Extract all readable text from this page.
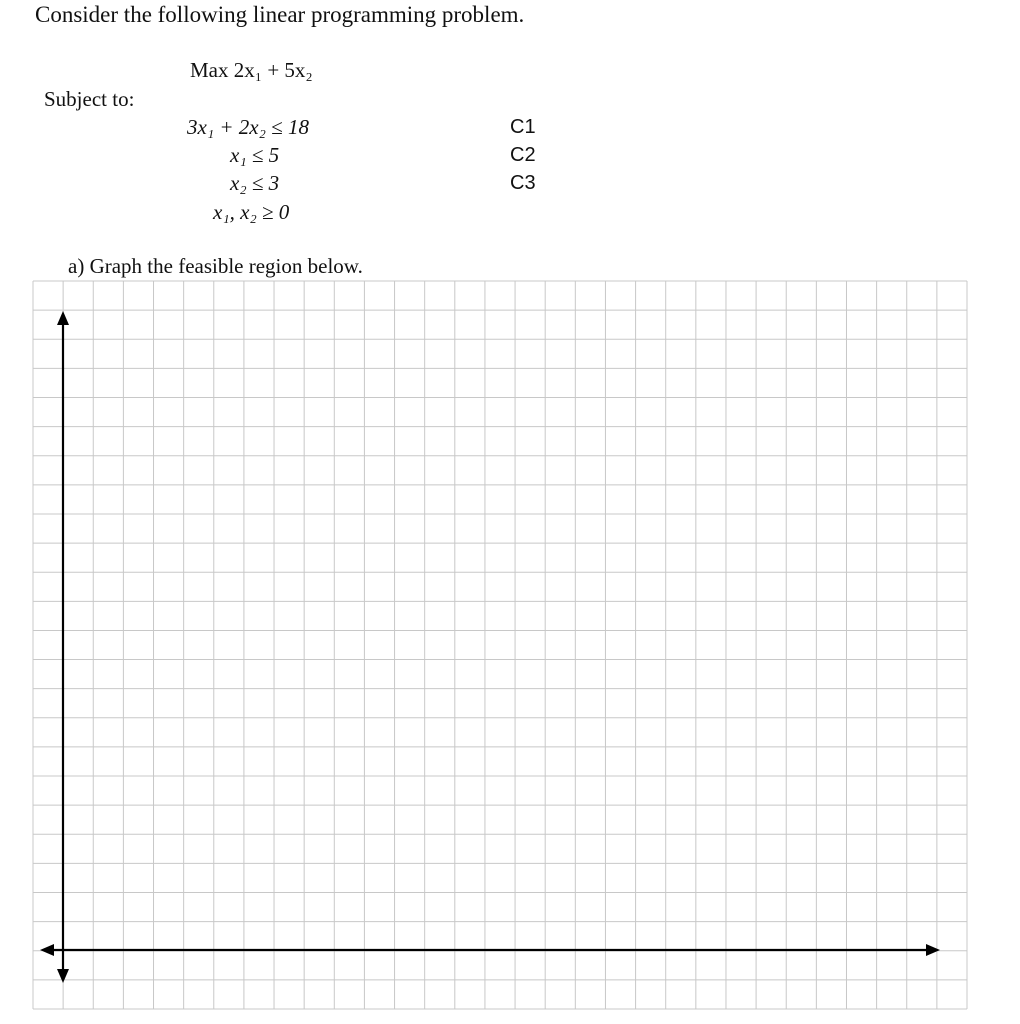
Consider the following linear programming problem.
Max 2x₁ + 5x₂
Subject to:
3x₁ + 2x₂ ≤ 18
x₁ ≤ 5
x₂ ≤ 3
x₁, x₂ ≥ 0
C1
C2
C3
a) Graph the feasible region below.
